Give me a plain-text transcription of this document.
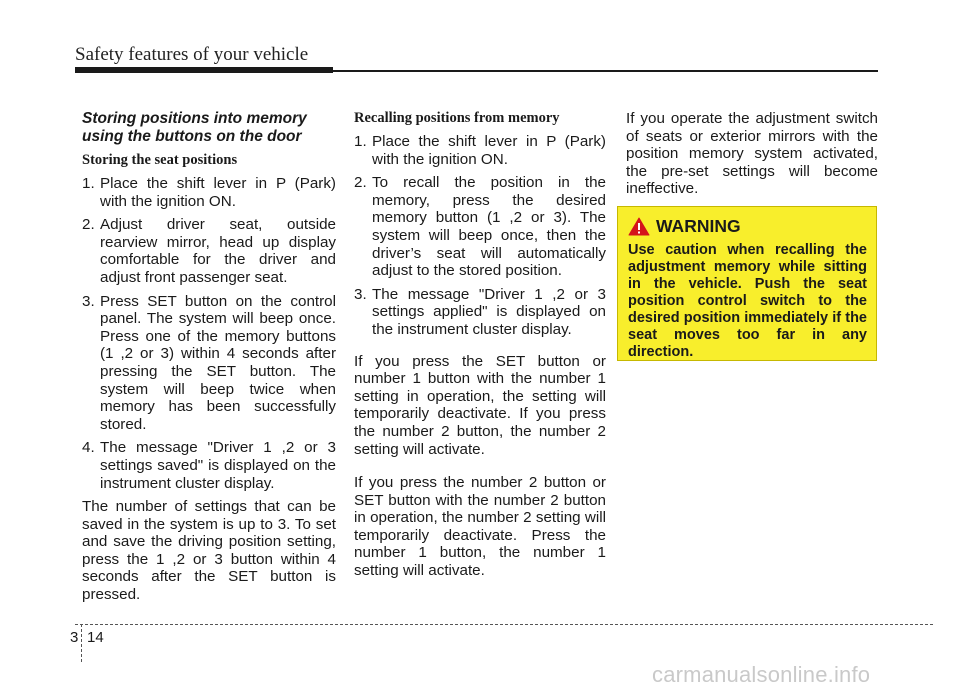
Safety features of your vehicle
Storing positions into memory using the buttons on the door
Storing the seat positions
1. Place the shift lever in P (Park) with the ignition ON.
2. Adjust driver seat, outside rearview mirror, head up display comfortable for the driver and adjust front passenger seat.
3. Press SET button on the control panel. The system will beep once. Press one of the memory buttons (1 ,2 or 3) within 4 seconds after pressing the SET button. The system will beep twice when memory has been successfully stored.
4. The message "Driver 1 ,2 or 3 settings saved" is displayed on the instrument cluster display.

The number of settings that can be saved in the system is up to 3. To set and save the driving position setting, press the 1 ,2 or 3 button within 4 seconds after the SET button is pressed.

Recalling positions from memory
1. Place the shift lever in P (Park) with the ignition ON.
2. To recall the position in the memory, press the desired memory button (1 ,2 or 3). The system will beep once, then the driver’s seat will automatically adjust to the stored position.
3. The message "Driver 1 ,2 or 3 settings applied" is displayed on the instrument cluster display.

If you press the SET button or number 1 button with the number 1 setting in operation, the setting will temporarily deactivate. If you press the number 2 button, the number 2 setting will activate.

If you press the number 2 button or SET button with the number 2 button in operation, the number 2 setting will temporarily deactivate. Press the number 1 button, the number 1 setting will activate.

If you operate the adjustment switch of seats or exterior mirrors with the position memory system activated, the pre-set settings will become ineffective.

WARNING
Use caution when recalling the adjustment memory while sitting in the vehicle. Push the seat position control switch to the desired position immediately if the seat moves too far in any direction.
3 14
carmanualsonline.info
